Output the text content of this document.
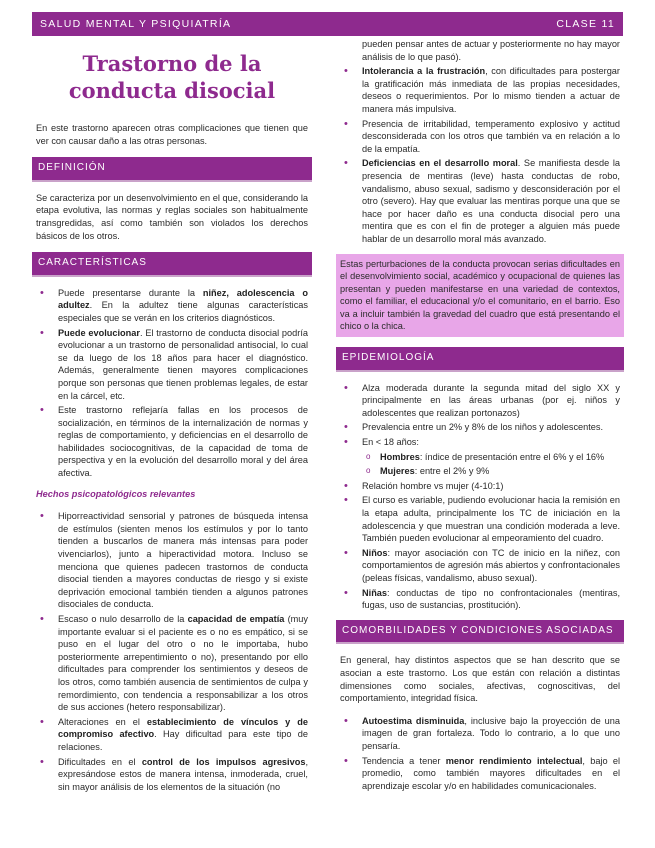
SALUD MENTAL Y PSIQUIATRÍA	CLASE 11
Trastorno de la
conducta disocial

En este trastorno aparecen otras complicaciones que tienen que ver con causar daño a las otras personas.

DEFINICIÓN

Se caracteriza por un desenvolvimiento en el que, considerando la etapa evolutiva, las normas y reglas sociales son habitualmente transgredidas, así como también son violados los derechos básicos de los otros.

CARACTERÍSTICAS
• Puede presentarse durante la niñez, adolescencia o adultez. En la adultez tiene algunas características especiales que se verán en los criterios diagnósticos.
• Puede evolucionar. El trastorno de conducta disocial podría evolucionar a un trastorno de personalidad antisocial, lo cual se da luego de los 18 años para hacer el diagnóstico. Además, generalmente tienen mayores complicaciones porque son personas que tienen problemas legales, de estar en la cárcel, etc.
• Este trastorno reflejaría fallas en los procesos de socialización, en términos de la internalización de normas y reglas de comportamiento, y deficiencias en el desarrollo de habilidades sociocognitivas, de la capacidad de toma de perspectiva y en la evolución del desarrollo moral y del área afectiva.
Hechos psicopatológicos relevantes
• Hiporreactividad sensorial y patrones de búsqueda intensa de estímulos (sienten menos los estímulos y por lo tanto tienden a buscarlos de manera más intensas para poder vivenciarlos), junto a hiperactividad motora. Incluso se menciona que quienes padecen trastornos de conducta disocial tienden a mayores conductas de riesgo y si existe deprivación emocional también tienden a algunos patrones disociales de conducta.
• Escaso o nulo desarrollo de la capacidad de empatía (muy importante evaluar si el paciente es o no es empático, si se puso en el lugar del otro o no le importaba, hubo posteriormente arrepentimiento o no), presentando por ello dificultades para comprender los sentimientos y deseos de los otros, como también ausencia de sentimientos de culpa y remordimiento, con tendencia a responsabilizar a los otros de sus acciones (hetero responsabilizar).
• Alteraciones en el establecimiento de vínculos y de compromiso afectivo. Hay dificultad para este tipo de relaciones.
• Dificultades en el control de los impulsos agresivos, expresándose estos de manera intensa, inmoderada, cruel, sin mayor análisis de los elementos de la situación (no

pueden pensar antes de actuar y posteriormente no hay mayor análisis de lo que pasó).

• Intolerancia a la frustración, con dificultades para postergar la gratificación más inmediata de las propias necesidades, deseos o requerimientos. Por lo mismo tienden a actuar de manera más impulsiva.
• Presencia de irritabilidad, temperamento explosivo y actitud desconsiderada con los otros que también va en relación a lo de la empatía.
• Deficiencias en el desarrollo moral. Se manifiesta desde la presencia de mentiras (leve) hasta conductas de robo, vandalismo, abuso sexual, sadismo y desconsideración por el otro (severo). Hay que evaluar las mentiras porque una que se hace por hacer daño es una conducta disocial pero una mentira que es con el fin de proteger a alguien más puede hablar de un desarrollo moral más avanzado.
Estas perturbaciones de la conducta provocan serias dificultades en el desenvolvimiento social, académico y ocupacional de quienes las presentan y pueden manifestarse en una variedad de contextos, como el familiar, el educacional y/o el comunitario, en el barrio. Eso va a incluir también la gravedad del cuadro que está presentando el chico o la chica.
EPIDEMIOLOGÍA
• Alza moderada durante la segunda mitad del siglo XX y principalmente en las áreas urbanas (por ej. niños y adolescentes que realizan portonazos)
• Prevalencia entre un 2% y 8% de los niños y adolescentes.
• En < 18 años:
o Hombres: índice de presentación entre el 6% y el 16%
o Mujeres: entre el 2% y 9%
• Relación hombre vs mujer (4-10:1)
• El curso es variable, pudiendo evolucionar hacia la remisión en la etapa adulta, principalmente los TC de iniciación en la adolescencia y que muestran una condición moderada a leve. También pueden evolucionar al empeoramiento del cuadro.
• Niños: mayor asociación con TC de inicio en la niñez, con comportamientos de agresión más abiertos y confrontacionales (peleas físicas, vandalismo, abuso sexual).
• Niñas: conductas de tipo no confrontacionales (mentiras, fugas, uso de sustancias, prostitución).
COMORBILIDADES Y CONDICIONES ASOCIADAS

En general, hay distintos aspectos que se han descrito que se asocian a este trastorno. Los que están con relación a distintas dimensiones como sociales, afectivas, cognoscitivas, del comportamiento, integridad física.

• Autoestima disminuida, inclusive bajo la proyección de una imagen de gran fortaleza. Todo lo contrario, a lo que uno pensaría.
• Tendencia a tener menor rendimiento intelectual, bajo el promedio, como también mayores dificultades en el aprendizaje escolar y/o en habilidades comunicacionales.
